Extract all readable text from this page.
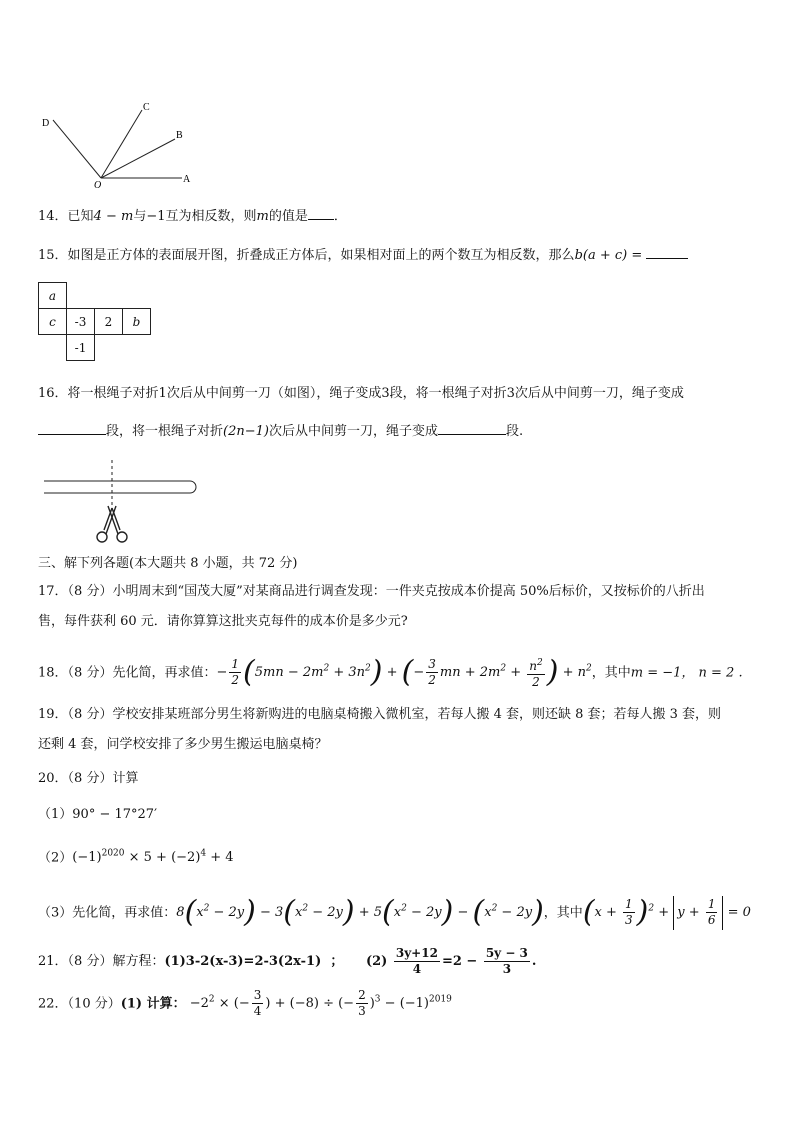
D
C
B
O
A
14．已知4 − m与−1互为相反数，则m的值是 ．
15．如图是正方体的表面展开图，折叠成正方体后，如果相对面上的两个数互为相反数，那么b(a + c) =
a			
c	-3	2	b
	-1		
16．将一根绳子对折1次后从中间剪一刀（如图），绳子变成3段，将一根绳子对折3次后从中间剪一刀，绳子变成
段，将一根绳子对折(2n−1)次后从中间剪一刀，绳子变成	段.
三、解下列各题(本大题共 8 小题，共 72 分)
17．（8 分）小明周末到“国茂大厦”对某商品进行调查发现：一件夹克按成本价提高 50%后标价，又按标价的八折出
售，每件获利 60 元．请你算算这批夹克每件的成本价是多少元?
18．（8 分）先化简，再求值：− $\frac{1}{2} (5mn - 2m^2 + 3n^2)$ + (− $\frac{3}{2}$ mn + $2m^2 + \frac{n^2}{2}$ ) + $n^2$，其中m = −1， n = 2 .
19．（8 分）学校安排某班部分男生将新购进的电脑桌椅搬入微机室，若每人搬 4 套，则还缺 8 套；若每人搬 3 套，则
还剩 4 套，问学校安排了多少男生搬运电脑桌椅？
20．（8 分）计算
（1）90° − 17°27′
$(2)(-1)^{2020} \times 5 + (-2)^4 + 4$
（3）先化简，再求值：$8(x^2 - 2y) - 3(x^2 - 2y) + 5(x^2 - 2y) - (x^2 - 2y)$，其中$(x + \frac{1}{3} )^2 + y + \frac{1}{6} = 0$
21．（8 分）解方程：(1)3-2(x-3)=2-3(2x-1) ； $(2) \frac{3y+12}{4} =2 - \frac{5y - 3}{3}$ .
22．（10 分）(1) 计算： $-2^2$ × (− $\frac{3}{4}$ ) + (−8) ÷ (− $\frac{2}{3} )^3 - (-1)^{2019}$
